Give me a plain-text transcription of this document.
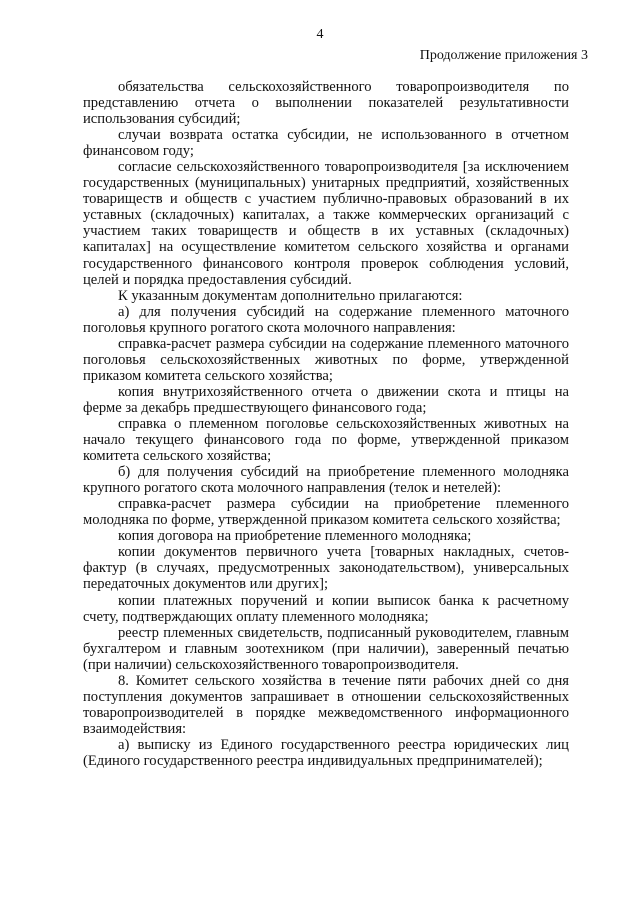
4
Продолжение приложения 3

обязательства сельскохозяйственного товаропроизводителя по представлению отчета о выполнении показателей результативности использования субсидий;

случаи возврата остатка субсидии, не использованного в отчетном финансовом году;

согласие сельскохозяйственного товаропроизводителя [за исключением государственных (муниципальных) унитарных предприятий, хозяйственных товариществ и обществ с участием публично-правовых образований в их уставных (складочных) капиталах, а также коммерческих организаций с участием таких товариществ и обществ в их уставных (складочных) капиталах] на осуществление комитетом сельского хозяйства и органами государственного финансового контроля проверок соблюдения условий, целей и порядка предоставления субсидий.

К указанным документам дополнительно прилагаются:

а) для получения субсидий на содержание племенного маточного поголовья крупного рогатого скота молочного направления:

справка-расчет размера субсидии на содержание племенного маточного поголовья сельскохозяйственных животных по форме, утвержденной приказом комитета сельского хозяйства;

копия внутрихозяйственного отчета о движении скота и птицы на ферме за декабрь предшествующего финансового года;

справка о племенном поголовье сельскохозяйственных животных на начало текущего финансового года по форме, утвержденной приказом комитета сельского хозяйства;

б) для получения субсидий на приобретение племенного молодняка крупного рогатого скота молочного направления (телок и нетелей):

справка-расчет размера субсидии на приобретение племенного молодняка по форме, утвержденной приказом комитета сельского хозяйства;

копия договора на приобретение племенного молодняка;

копии документов первичного учета [товарных накладных, счетов-фактур (в случаях, предусмотренных законодательством), универсальных передаточных документов или других];

копии платежных поручений и копии выписок банка к расчетному счету, подтверждающих оплату племенного молодняка;

реестр племенных свидетельств, подписанный руководителем, главным бухгалтером и главным зоотехником (при наличии), заверенный печатью (при наличии) сельскохозяйственного товаропроизводителя.

8. Комитет сельского хозяйства в течение пяти рабочих дней со дня поступления документов запрашивает в отношении сельскохозяйственных товаропроизводителей в порядке межведомственного информационного взаимодействия:

а) выписку из Единого государственного реестра юридических лиц (Единого государственного реестра индивидуальных предпринимателей);
